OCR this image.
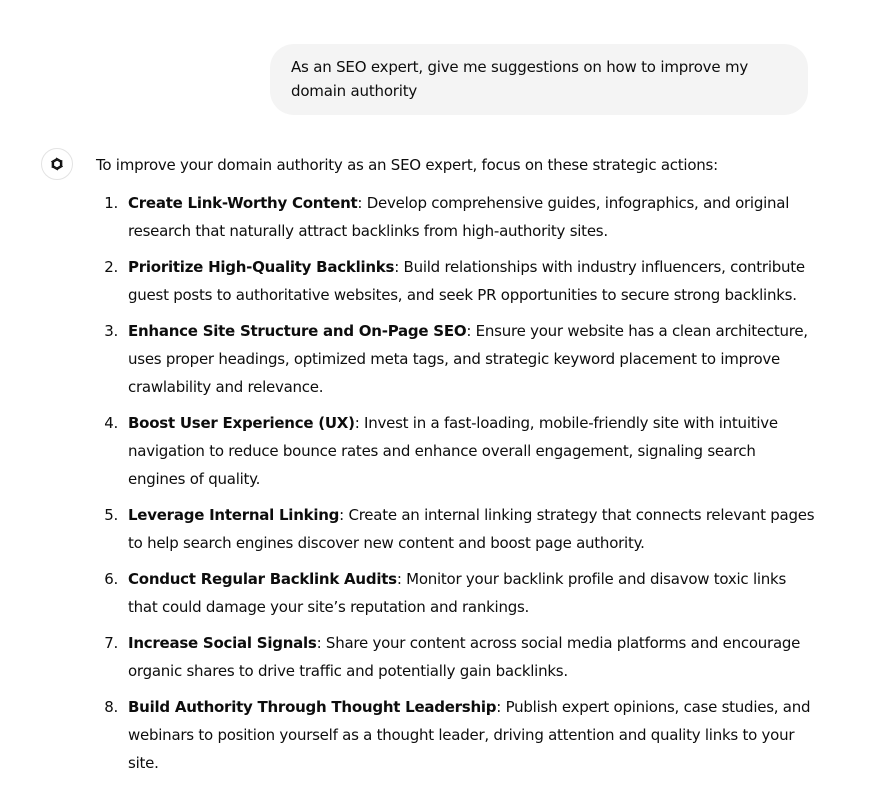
As an SEO expert, give me suggestions on how to improve my domain authority

To improve your domain authority as an SEO expert, focus on these strategic actions:

1. Create Link-Worthy Content: Develop comprehensive guides, infographics, and original research that naturally attract backlinks from high-authority sites.
2. Prioritize High-Quality Backlinks: Build relationships with industry influencers, contribute guest posts to authoritative websites, and seek PR opportunities to secure strong backlinks.
3. Enhance Site Structure and On-Page SEO: Ensure your website has a clean architecture, uses proper headings, optimized meta tags, and strategic keyword placement to improve crawlability and relevance.
4. Boost User Experience (UX): Invest in a fast-loading, mobile-friendly site with intuitive navigation to reduce bounce rates and enhance overall engagement, signaling search engines of quality.
5. Leverage Internal Linking: Create an internal linking strategy that connects relevant pages to help search engines discover new content and boost page authority.
6. Conduct Regular Backlink Audits: Monitor your backlink profile and disavow toxic links that could damage your site’s reputation and rankings.
7. Increase Social Signals: Share your content across social media platforms and encourage organic shares to drive traffic and potentially gain backlinks.
8. Build Authority Through Thought Leadership: Publish expert opinions, case studies, and webinars to position yourself as a thought leader, driving attention and quality links to your site.
